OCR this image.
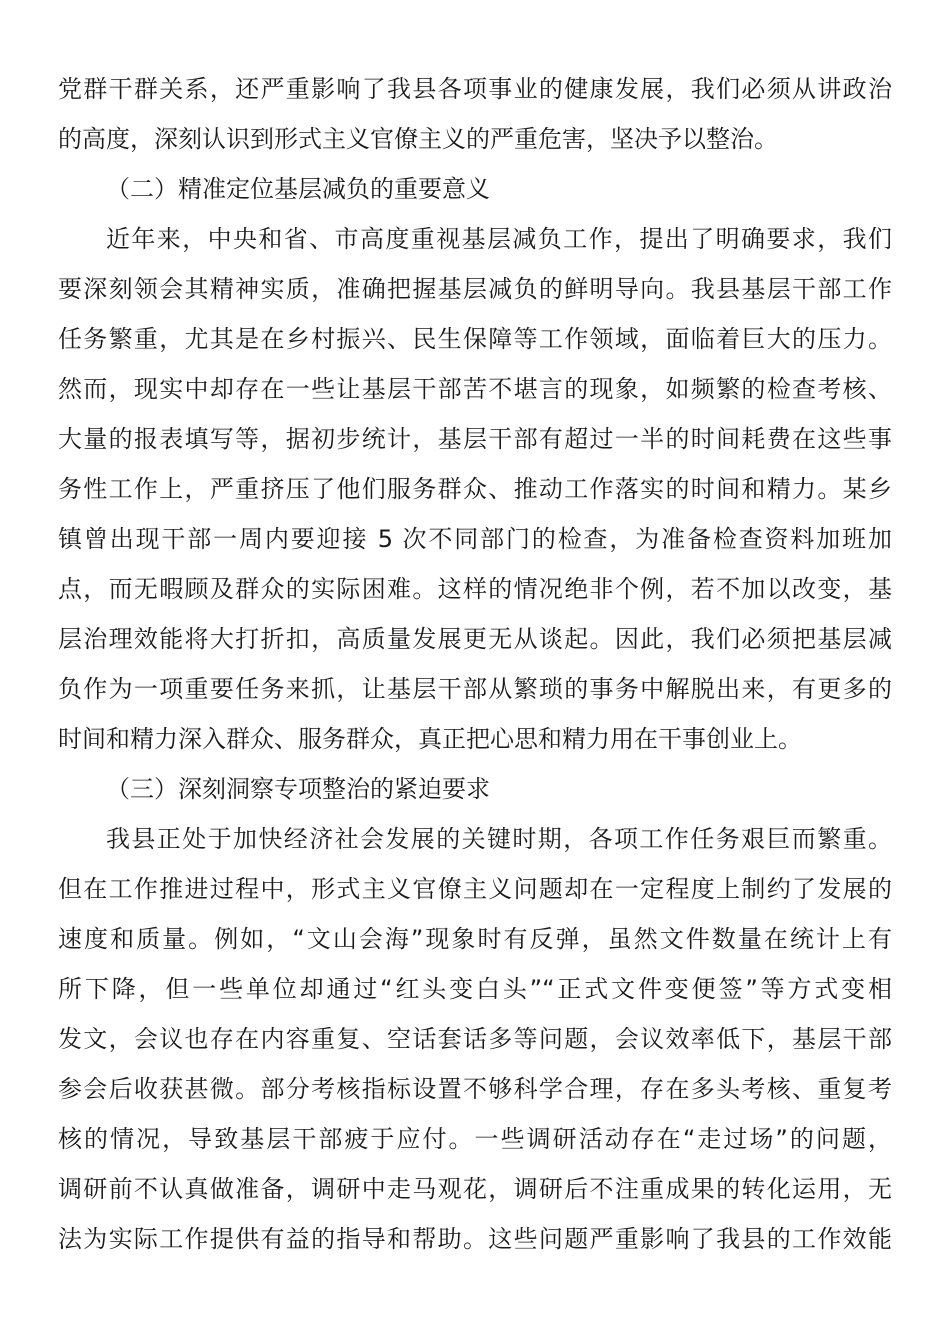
党群干群关系，还严重影响了我县各项事业的健康发展，我们必须从讲政治
的高度，深刻认识到形式主义官僚主义的严重危害，坚决予以整治。
（二）精准定位基层减负的重要意义
近年来，中央和省、市高度重视基层减负工作，提出了明确要求，我们
要深刻领会其精神实质，准确把握基层减负的鲜明导向。我县基层干部工作
任务繁重，尤其是在乡村振兴、民生保障等工作领域，面临着巨大的压力。
然而，现实中却存在一些让基层干部苦不堪言的现象，如频繁的检查考核、
大量的报表填写等，据初步统计，基层干部有超过一半的时间耗费在这些事
务性工作上，严重挤压了他们服务群众、推动工作落实的时间和精力。某乡
镇曾出现干部一周内要迎接 5 次不同部门的检查，为准备检查资料加班加
点，而无暇顾及群众的实际困难。这样的情况绝非个例，若不加以改变，基
层治理效能将大打折扣，高质量发展更无从谈起。因此，我们必须把基层减
负作为一项重要任务来抓，让基层干部从繁琐的事务中解脱出来，有更多的
时间和精力深入群众、服务群众，真正把心思和精力用在干事创业上。
（三）深刻洞察专项整治的紧迫要求
我县正处于加快经济社会发展的关键时期，各项工作任务艰巨而繁重。
但在工作推进过程中，形式主义官僚主义问题却在一定程度上制约了发展的
速度和质量。例如，“文山会海”现象时有反弹，虽然文件数量在统计上有
所下降，但一些单位却通过“红头变白头”“正式文件变便签”等方式变相
发文，会议也存在内容重复、空话套话多等问题，会议效率低下，基层干部
参会后收获甚微。部分考核指标设置不够科学合理，存在多头考核、重复考
核的情况，导致基层干部疲于应付。一些调研活动存在“走过场”的问题，
调研前不认真做准备，调研中走马观花，调研后不注重成果的转化运用，无
法为实际工作提供有益的指导和帮助。这些问题严重影响了我县的工作效能
